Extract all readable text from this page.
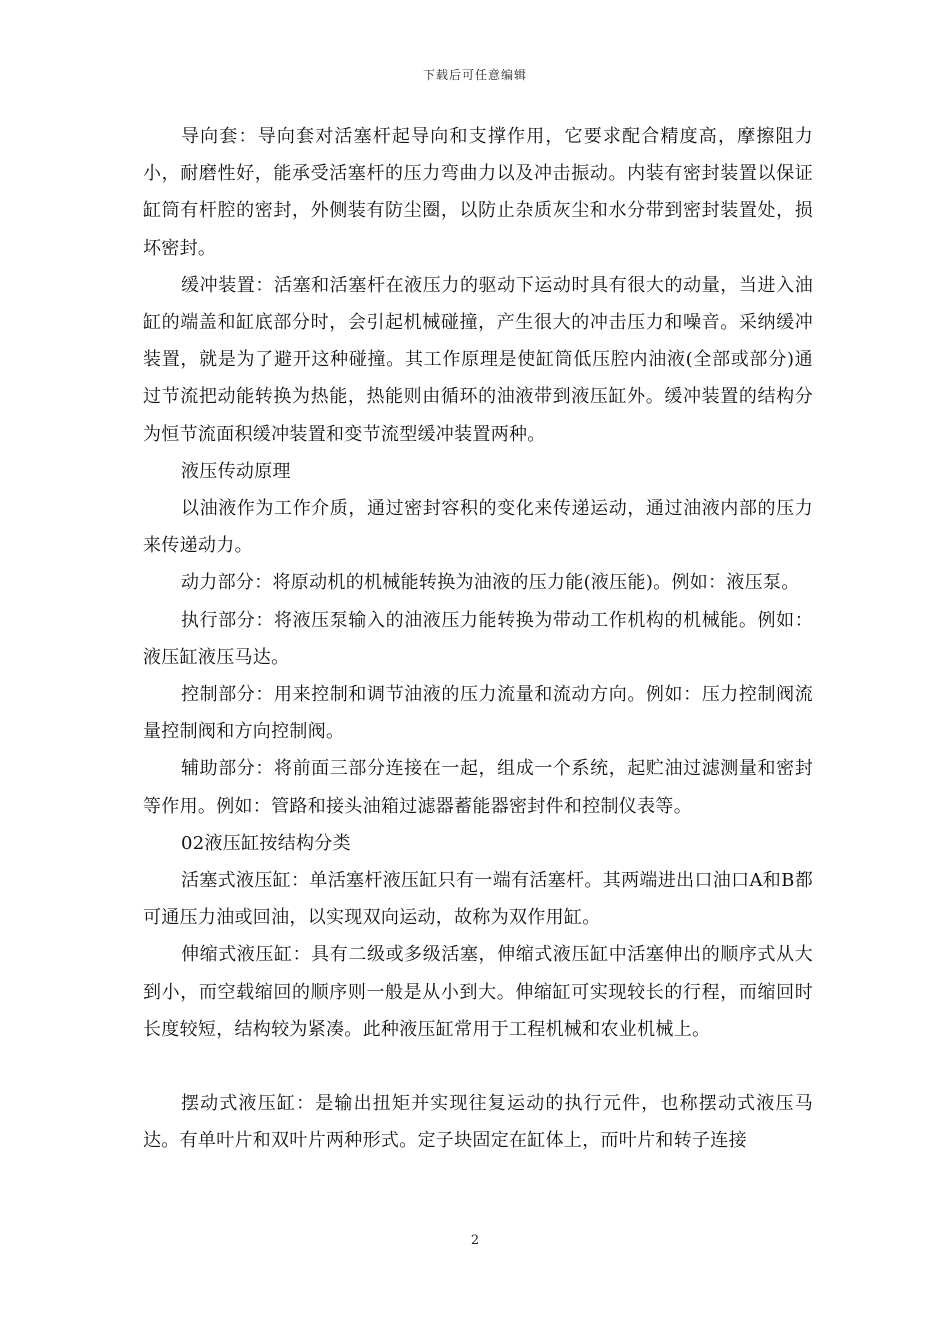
下载后可任意编辑

导向套：导向套对活塞杆起导向和支撑作用，它要求配合精度高，摩擦阻力小，耐磨性好，能承受活塞杆的压力弯曲力以及冲击振动。内装有密封装置以保证缸筒有杆腔的密封，外侧装有防尘圈，以防止杂质灰尘和水分带到密封装置处，损坏密封。

缓冲装置：活塞和活塞杆在液压力的驱动下运动时具有很大的动量，当进入油缸的端盖和缸底部分时，会引起机械碰撞，产生很大的冲击压力和噪音。采纳缓冲装置，就是为了避开这种碰撞。其工作原理是使缸筒低压腔内油液(全部或部分)通过节流把动能转换为热能，热能则由循环的油液带到液压缸外。缓冲装置的结构分为恒节流面积缓冲装置和变节流型缓冲装置两种。

液压传动原理

以油液作为工作介质，通过密封容积的变化来传递运动，通过油液内部的压力来传递动力。

动力部分：将原动机的机械能转换为油液的压力能(液压能)。例如：液压泵。

执行部分：将液压泵输入的油液压力能转换为带动工作机构的机械能。例如：液压缸液压马达。

控制部分：用来控制和调节油液的压力流量和流动方向。例如：压力控制阀流量控制阀和方向控制阀。

辅助部分：将前面三部分连接在一起，组成一个系统，起贮油过滤测量和密封等作用。例如：管路和接头油箱过滤器蓄能器密封件和控制仪表等。

02液压缸按结构分类

活塞式液压缸：单活塞杆液压缸只有一端有活塞杆。其两端进出口油口A和B都可通压力油或回油，以实现双向运动，故称为双作用缸。

伸缩式液压缸：具有二级或多级活塞，伸缩式液压缸中活塞伸出的顺序式从大到小，而空载缩回的顺序则一般是从小到大。伸缩缸可实现较长的行程，而缩回时长度较短，结构较为紧凑。此种液压缸常用于工程机械和农业机械上。

摆动式液压缸：是输出扭矩并实现往复运动的执行元件，也称摆动式液压马达。有单叶片和双叶片两种形式。定子块固定在缸体上，而叶片和转子连接

2
